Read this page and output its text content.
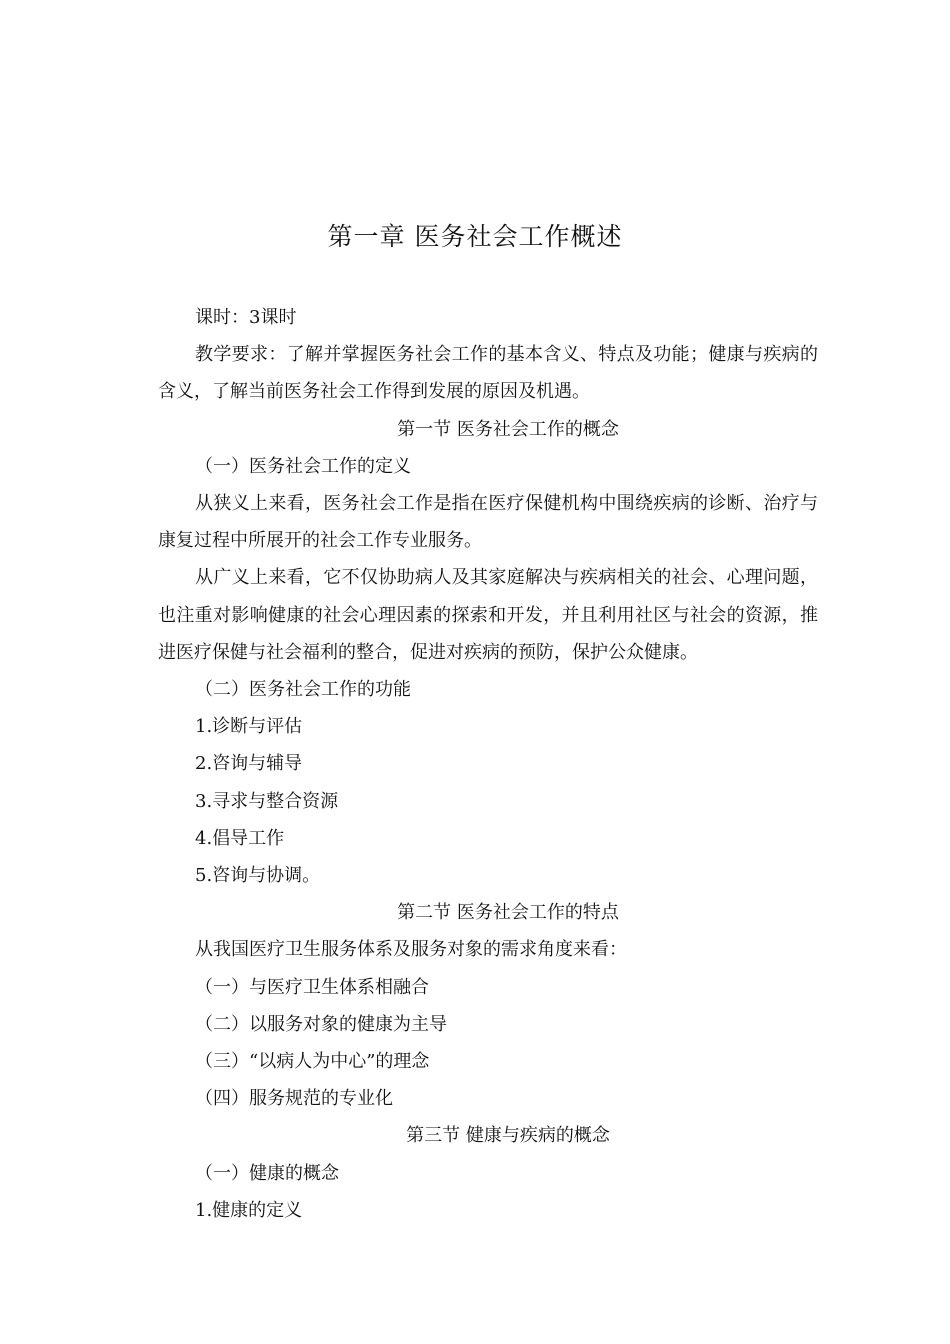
第一章 医务社会工作概述

课时：3课时

教学要求：了解并掌握医务社会工作的基本含义、特点及功能；健康与疾病的含义，了解当前医务社会工作得到发展的原因及机遇。

第一节 医务社会工作的概念

（一）医务社会工作的定义

从狭义上来看，医务社会工作是指在医疗保健机构中围绕疾病的诊断、治疗与康复过程中所展开的社会工作专业服务。

从广义上来看，它不仅协助病人及其家庭解决与疾病相关的社会、心理问题，也注重对影响健康的社会心理因素的探索和开发，并且利用社区与社会的资源，推进医疗保健与社会福利的整合，促进对疾病的预防，保护公众健康。

（二）医务社会工作的功能

1.诊断与评估

2.咨询与辅导

3.寻求与整合资源

4.倡导工作

5.咨询与协调。

第二节 医务社会工作的特点

从我国医疗卫生服务体系及服务对象的需求角度来看：

（一）与医疗卫生体系相融合

（二）以服务对象的健康为主导

（三）“以病人为中心”的理念

（四）服务规范的专业化

第三节 健康与疾病的概念

（一）健康的概念

1.健康的定义
